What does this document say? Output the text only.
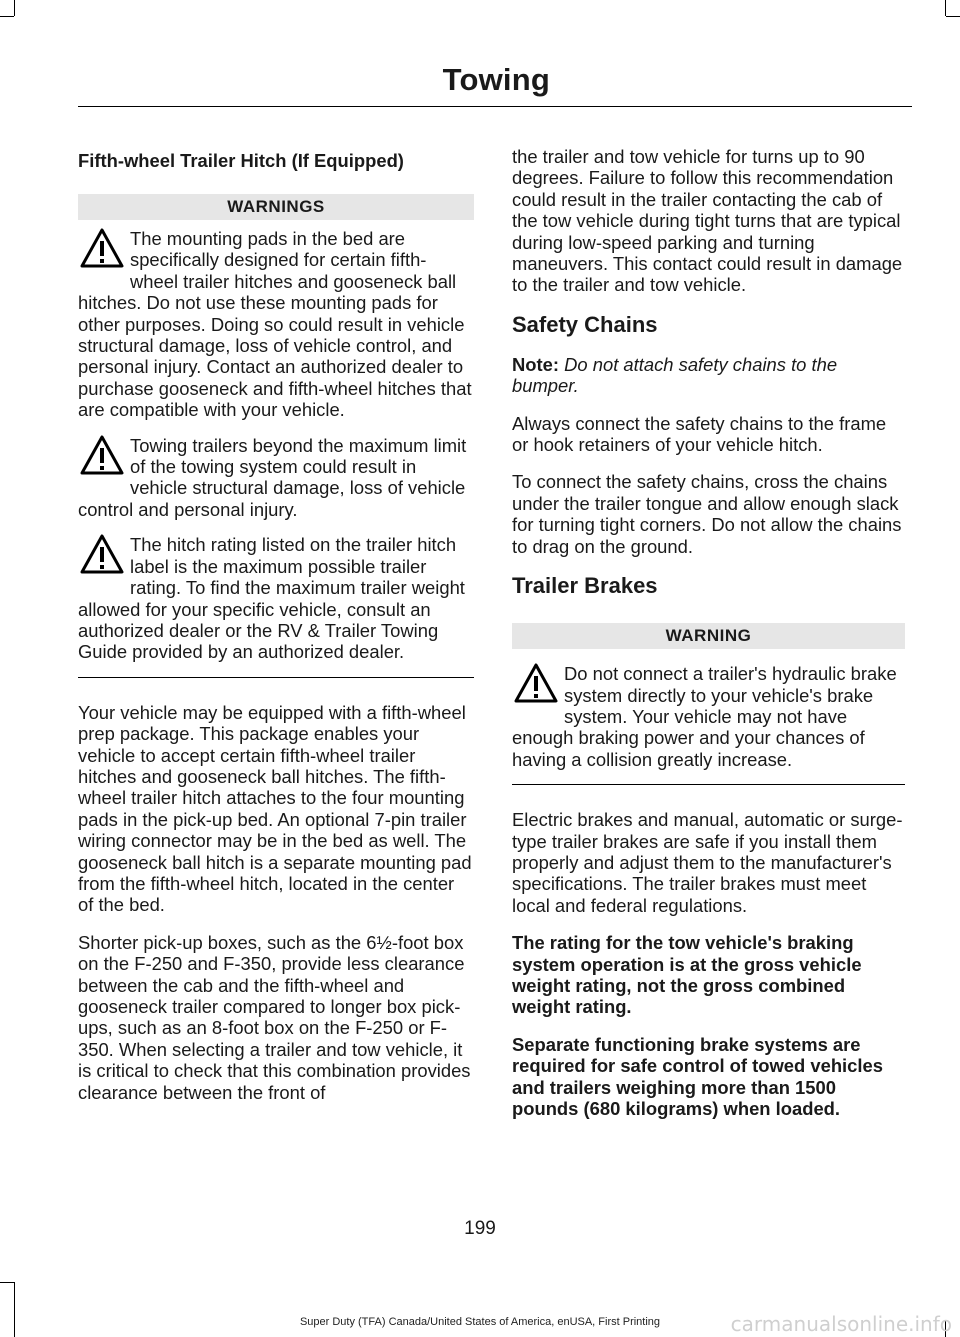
Towing
Fifth-wheel Trailer Hitch (If Equipped)
WARNINGS
The mounting pads in the bed are specifically designed for certain fifth-wheel trailer hitches and gooseneck ball hitches. Do not use these mounting pads for other purposes. Doing so could result in vehicle structural damage, loss of vehicle control, and personal injury. Contact an authorized dealer to purchase gooseneck and fifth-wheel hitches that are compatible with your vehicle.
Towing trailers beyond the maximum limit of the towing system could result in vehicle structural damage, loss of vehicle control and personal injury.
The hitch rating listed on the trailer hitch label is the maximum possible trailer rating. To find the maximum trailer weight allowed for your specific vehicle, consult an authorized dealer or the RV & Trailer Towing Guide provided by an authorized dealer.

Your vehicle may be equipped with a fifth-wheel prep package. This package enables your vehicle to accept certain fifth-wheel trailer hitches and gooseneck ball hitches. The fifth-wheel trailer hitch attaches to the four mounting pads in the pick-up bed. An optional 7-pin trailer wiring connector may be in the bed as well. The gooseneck ball hitch is a separate mounting pad from the fifth-wheel hitch, located in the center of the bed.

Shorter pick-up boxes, such as the 6½-foot box on the F-250 and F-350, provide less clearance between the cab and the fifth-wheel and gooseneck trailer compared to longer box pick-ups, such as an 8-foot box on the F-250 or F-350. When selecting a trailer and tow vehicle, it is critical to check that this combination provides clearance between the front of

the trailer and tow vehicle for turns up to 90 degrees. Failure to follow this recommendation could result in the trailer contacting the cab of the tow vehicle during tight turns that are typical during low-speed parking and turning maneuvers. This contact could result in damage to the trailer and tow vehicle.

Safety Chains

Note: Do not attach safety chains to the bumper.

Always connect the safety chains to the frame or hook retainers of your vehicle hitch.

To connect the safety chains, cross the chains under the trailer tongue and allow enough slack for turning tight corners. Do not allow the chains to drag on the ground.

Trailer Brakes
WARNING
Do not connect a trailer's hydraulic brake system directly to your vehicle's brake system. Your vehicle may not have enough braking power and your chances of having a collision greatly increase.

Electric brakes and manual, automatic or surge-type trailer brakes are safe if you install them properly and adjust them to the manufacturer's specifications. The trailer brakes must meet local and federal regulations.

The rating for the tow vehicle's braking system operation is at the gross vehicle weight rating, not the gross combined weight rating.

Separate functioning brake systems are required for safe control of towed vehicles and trailers weighing more than 1500 pounds (680 kilograms) when loaded.

199
Super Duty (TFA) Canada/United States of America, enUSA, First Printing	carmanualsonline.info
